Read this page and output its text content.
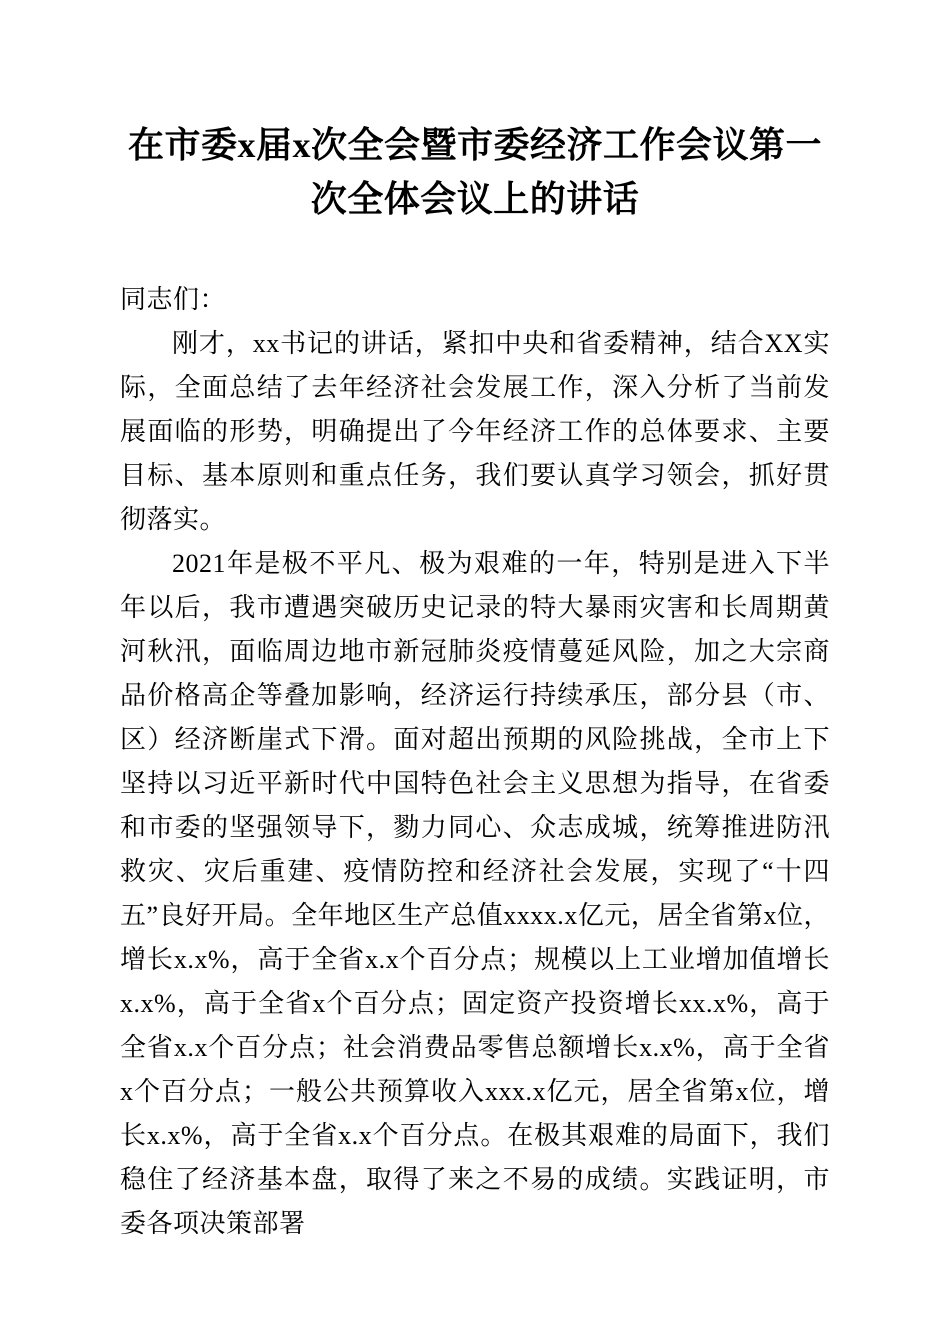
在市委x届x次全会暨市委经济工作会议第一次全体会议上的讲话

同志们：

刚才，xx书记的讲话，紧扣中央和省委精神，结合XX实际，全面总结了去年经济社会发展工作，深入分析了当前发展面临的形势，明确提出了今年经济工作的总体要求、主要目标、基本原则和重点任务，我们要认真学习领会，抓好贯彻落实。

2021年是极不平凡、极为艰难的一年，特别是进入下半年以后，我市遭遇突破历史记录的特大暴雨灾害和长周期黄河秋汛，面临周边地市新冠肺炎疫情蔓延风险，加之大宗商品价格高企等叠加影响，经济运行持续承压，部分县（市、区）经济断崖式下滑。面对超出预期的风险挑战，全市上下坚持以习近平新时代中国特色社会主义思想为指导，在省委和市委的坚强领导下，勠力同心、众志成城，统筹推进防汛救灾、灾后重建、疫情防控和经济社会发展，实现了“十四五”良好开局。全年地区生产总值xxxx.x亿元，居全省第x位，增长x.x%，高于全省x.x个百分点；规模以上工业增加值增长x.x%，高于全省x个百分点；固定资产投资增长xx.x%，高于全省x.x个百分点；社会消费品零售总额增长x.x%，高于全省x个百分点；一般公共预算收入xxx.x亿元，居全省第x位，增长x.x%，高于全省x.x个百分点。在极其艰难的局面下，我们稳住了经济基本盘，取得了来之不易的成绩。实践证明，市委各项决策部署
